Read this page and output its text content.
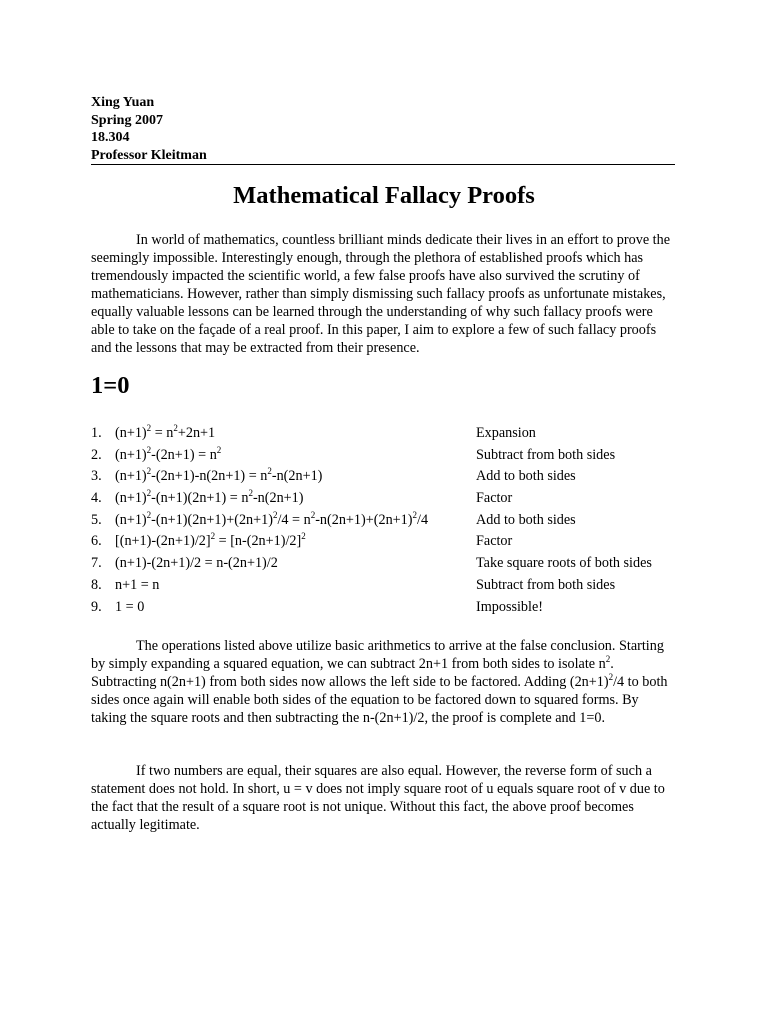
Xing Yuan
Spring 2007
18.304
Professor Kleitman
Mathematical Fallacy Proofs

In world of mathematics, countless brilliant minds dedicate their lives in an effort to prove the seemingly impossible. Interestingly enough, through the plethora of established proofs which has tremendously impacted the scientific world, a few false proofs have also survived the scrutiny of mathematicians. However, rather than simply dismissing such fallacy proofs as unfortunate mistakes, equally valuable lessons can be learned through the understanding of why such fallacy proofs were able to take on the façade of a real proof. In this paper, I aim to explore a few of such fallacy proofs and the lessons that may be extracted from their presence.

1=0
1. $(n+1)^2 = n^2+2n+1$	Expansion
2. $(n+1)^2-(2n+1) = n^2$	Subtract from both sides
3. $(n+1)^2-(2n+1)-n(2n+1) = n^2-n(2n+1)$	Add to both sides
4. $(n+1)^2-(n+1)(2n+1) = n^2-n(2n+1)$	Factor
5. $(n+1)^2-(n+1)(2n+1)+(2n+1)^2/4 = n^2-n(2n+1)+(2n+1)^2/4$	Add to both sides
6. $[(n+1)-(2n+1)/2]^2 = [n-(2n+1)/2]^2$	Factor
7. (n+1)-(2n+1)/2 = n-(2n+1)/2	Take square roots of both sides
8. n+1 = n	Subtract from both sides
9. 1 = 0	Impossible!

The operations listed above utilize basic arithmetics to arrive at the false conclusion. Starting by simply expanding a squared equation, we can subtract 2n+1 from both sides to isolate $n^2$. Subtracting n(2n+1) from both sides now allows the left side to be factored. Adding $(2n+1)^2/4$ to both sides once again will enable both sides of the equation to be factored down to squared forms. By taking the square roots and then subtracting the n-(2n+1)/2, the proof is complete and 1=0.

If two numbers are equal, their squares are also equal. However, the reverse form of such a statement does not hold. In short, u = v does not imply square root of u equals square root of v due to the fact that the result of a square root is not unique. Without this fact, the above proof becomes actually legitimate.
